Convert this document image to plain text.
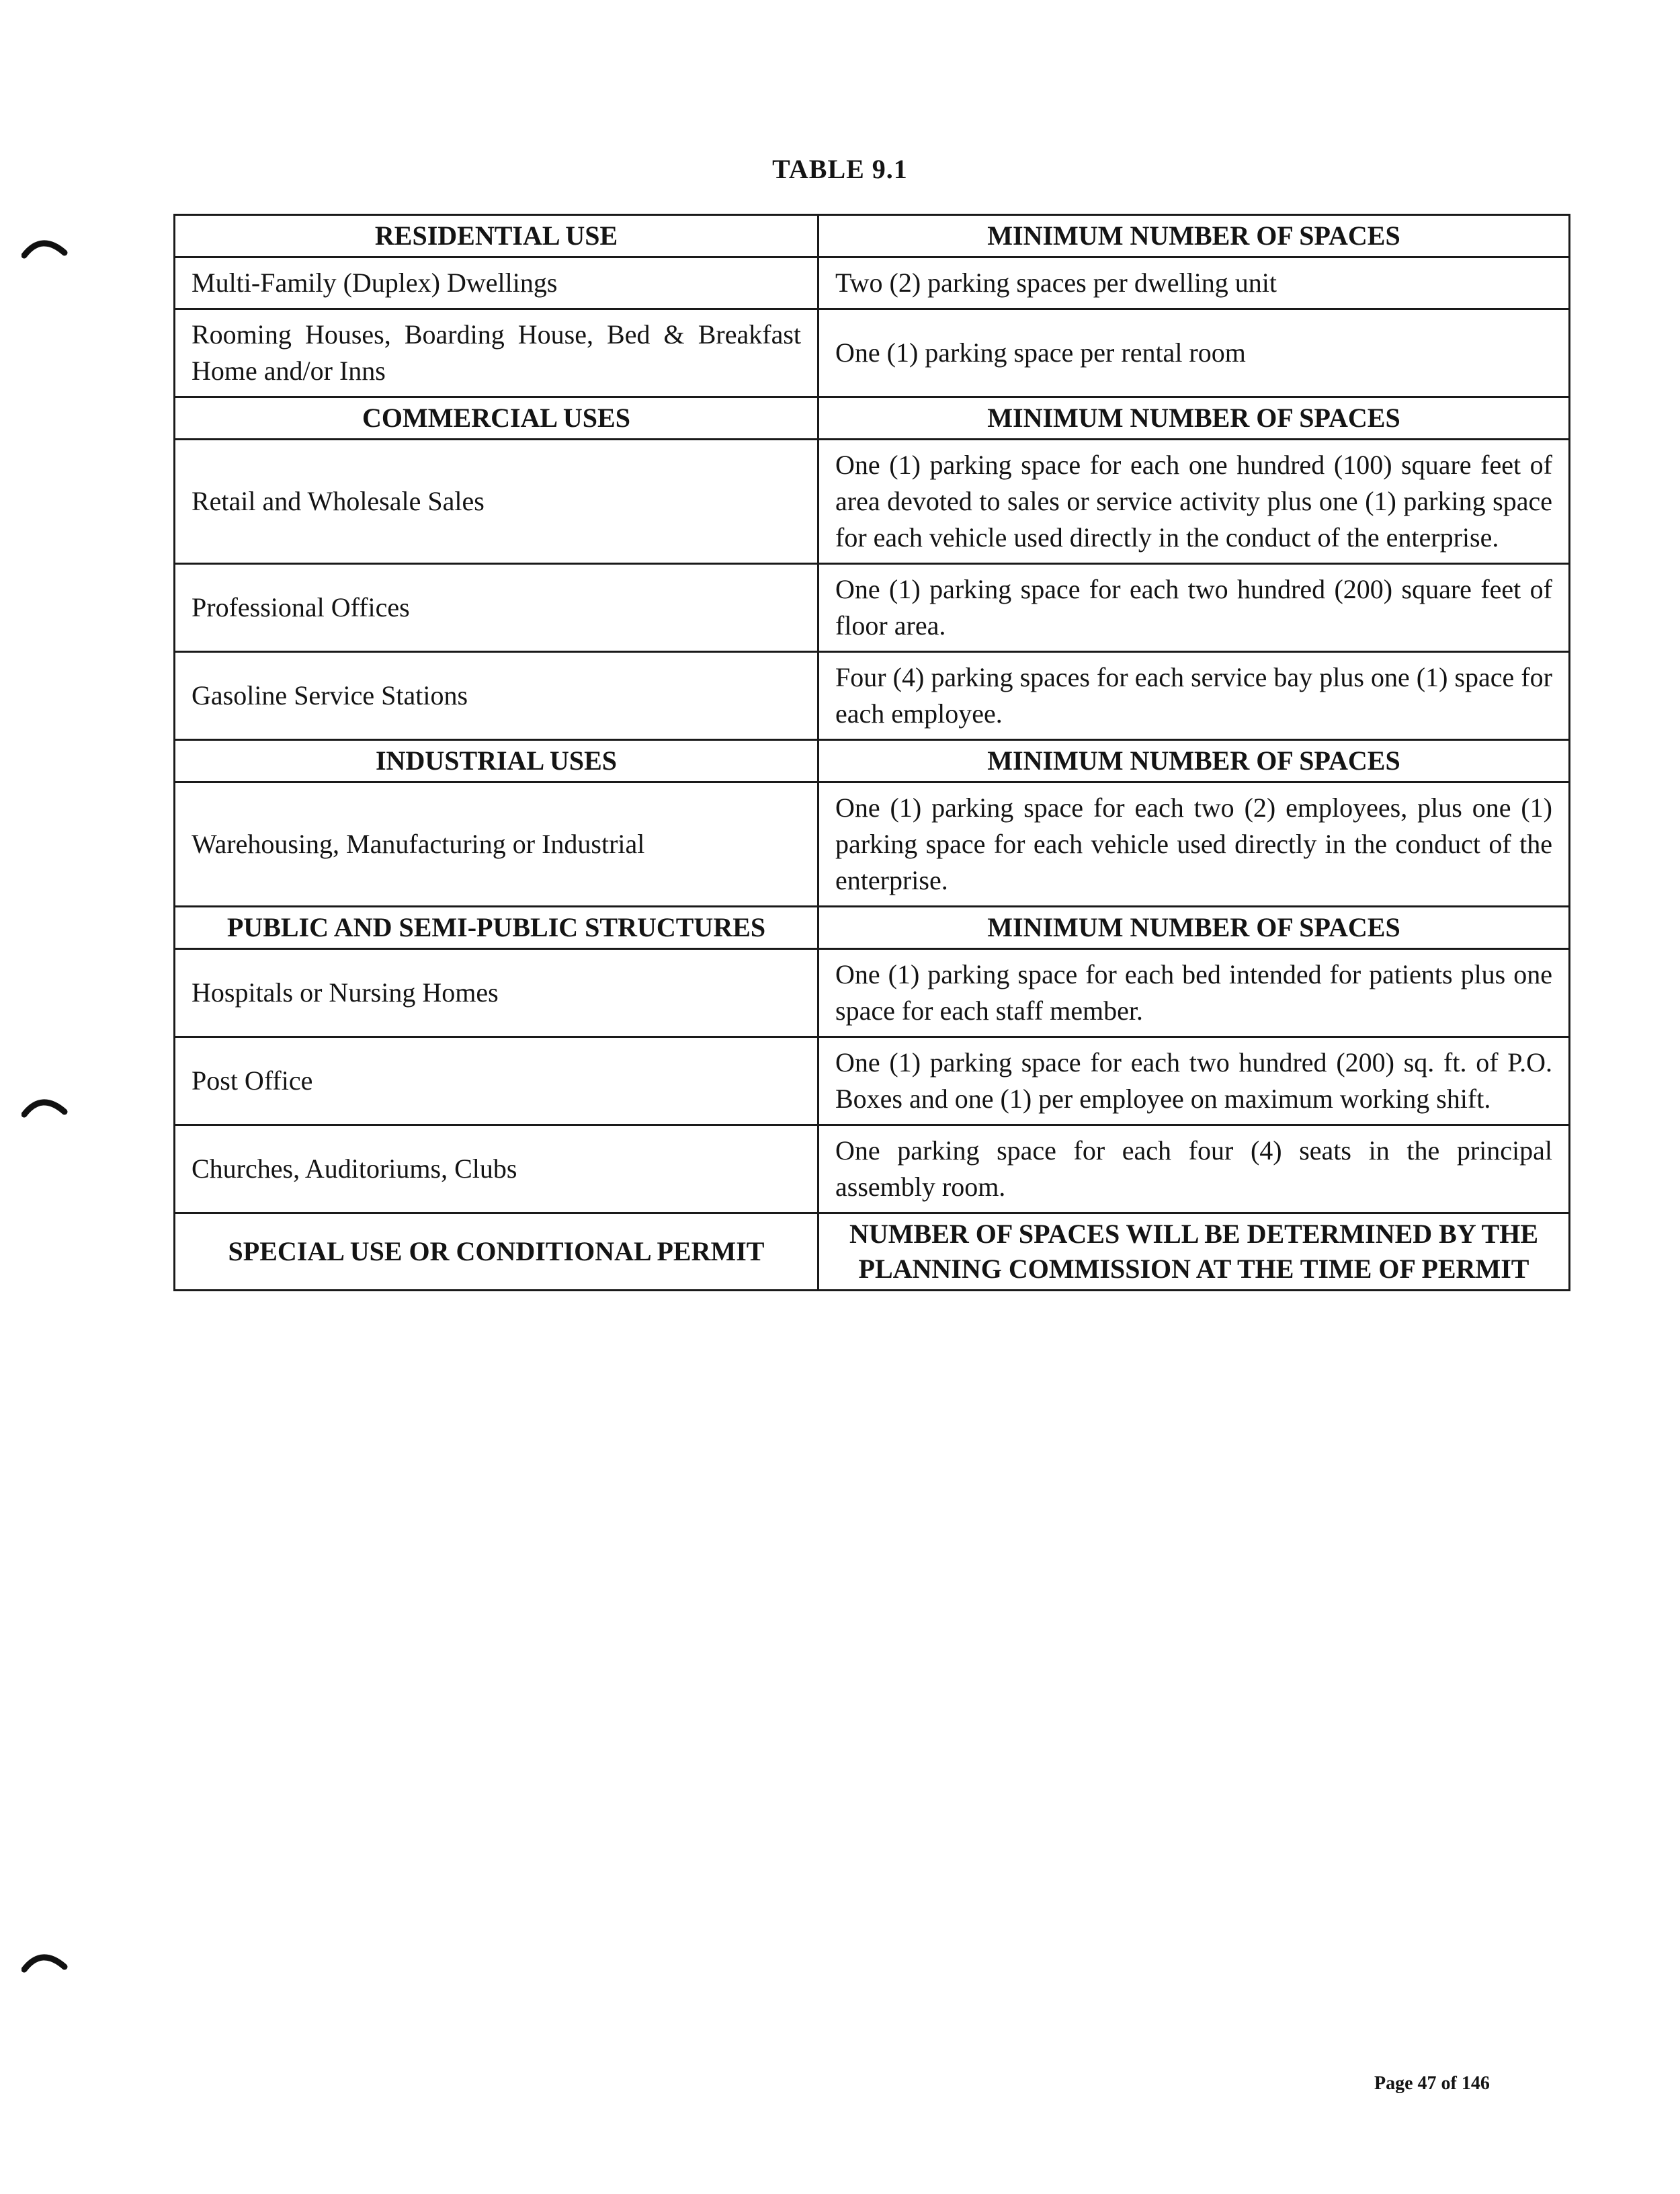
TABLE 9.1
RESIDENTIAL USE	MINIMUM NUMBER OF SPACES
Multi-Family (Duplex) Dwellings	Two (2) parking spaces per dwelling unit
Rooming Houses, Boarding House, Bed & Breakfast Home and/or Inns	One (1) parking space per rental room
COMMERCIAL USES	MINIMUM NUMBER OF SPACES
Retail and Wholesale Sales	One (1) parking space for each one hundred (100) square feet of area devoted to sales or service activity plus one (1) parking space for each vehicle used directly in the conduct of the enterprise.
Professional Offices	One (1) parking space for each two hundred (200) square feet of floor area.
Gasoline Service Stations	Four (4) parking spaces for each service bay plus one (1) space for each employee.
INDUSTRIAL USES	MINIMUM NUMBER OF SPACES
Warehousing, Manufacturing or Industrial	One (1) parking space for each two (2) employees, plus one (1) parking space for each vehicle used directly in the conduct of the enterprise.
PUBLIC AND SEMI-PUBLIC STRUCTURES	MINIMUM NUMBER OF SPACES
Hospitals or Nursing Homes	One (1) parking space for each bed intended for patients plus one space for each staff member.
Post Office	One (1) parking space for each two hundred (200) sq. ft. of P.O. Boxes and one (1) per employee on maximum working shift.
Churches, Auditoriums, Clubs	One parking space for each four (4) seats in the principal assembly room.
SPECIAL USE OR CONDITIONAL PERMIT	NUMBER OF SPACES WILL BE DETERMINED BY THE PLANNING COMMISSION AT THE TIME OF PERMIT
Page 47 of 146
